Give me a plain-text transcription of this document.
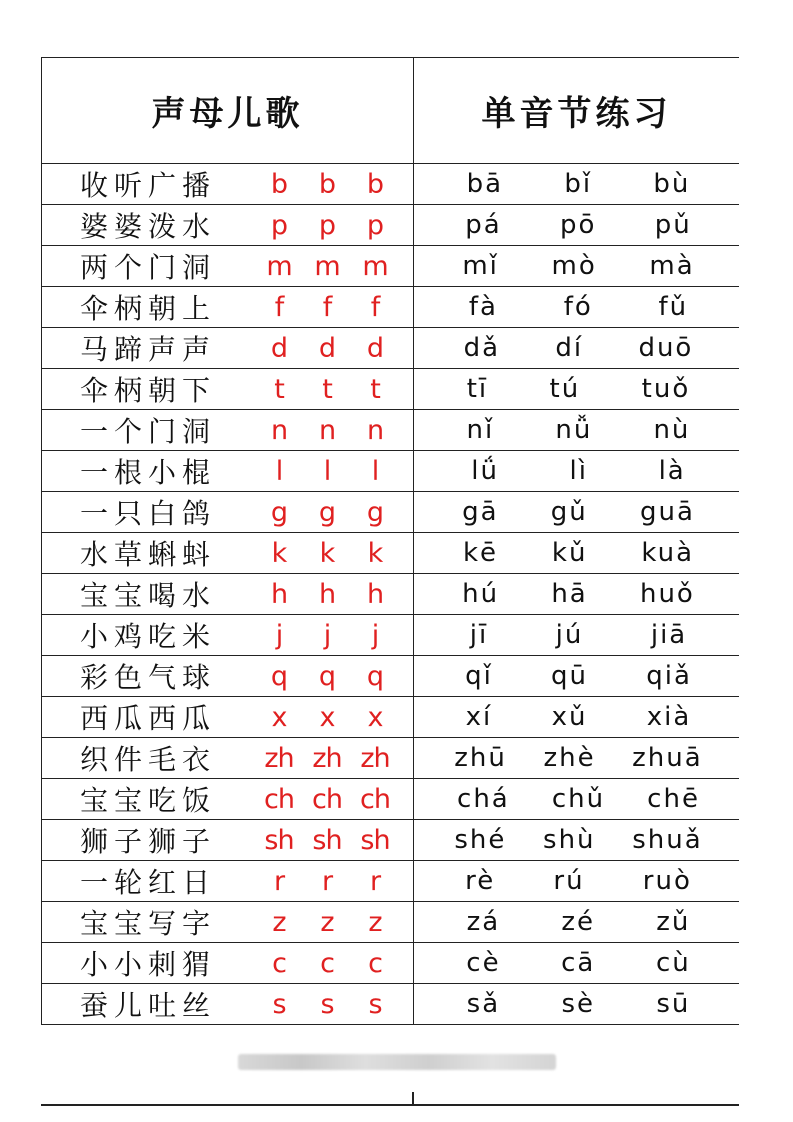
声母儿歌	单音节练习

收听广播 b b b	bā bǐ bù

婆婆泼水 p p p	pá pō pǔ

两个门洞 m m m	mǐ mò mà

伞柄朝上 f f f	fà fó fǔ

马蹄声声 d d d	dǎ dí duō

伞柄朝下 t t t	tī tú tuǒ

一个门洞 n n n	nǐ nǚ nù

一根小棍 l l l	lǘ lì là

一只白鸽 g g g	gā gǔ guā

水草蝌蚪 k k k	kē kǔ kuà

宝宝喝水 h h h	hú hā huǒ

小鸡吃米 j j j	jī jú jiā

彩色气球 q q q	qǐ qū qiǎ

西瓜西瓜 x x x	xí xǔ xià

织件毛衣 zh zh zh	zhū zhè zhuā

宝宝吃饭 ch ch ch	chá chǔ chē

狮子狮子 sh sh sh	shé shù shuǎ

一轮红日 r r r	rè rú ruò

宝宝写字 z z z	zá zé zǔ

小小刺猬 c c c	cè cā cù

蚕儿吐丝 s s s	sǎ sè sū
